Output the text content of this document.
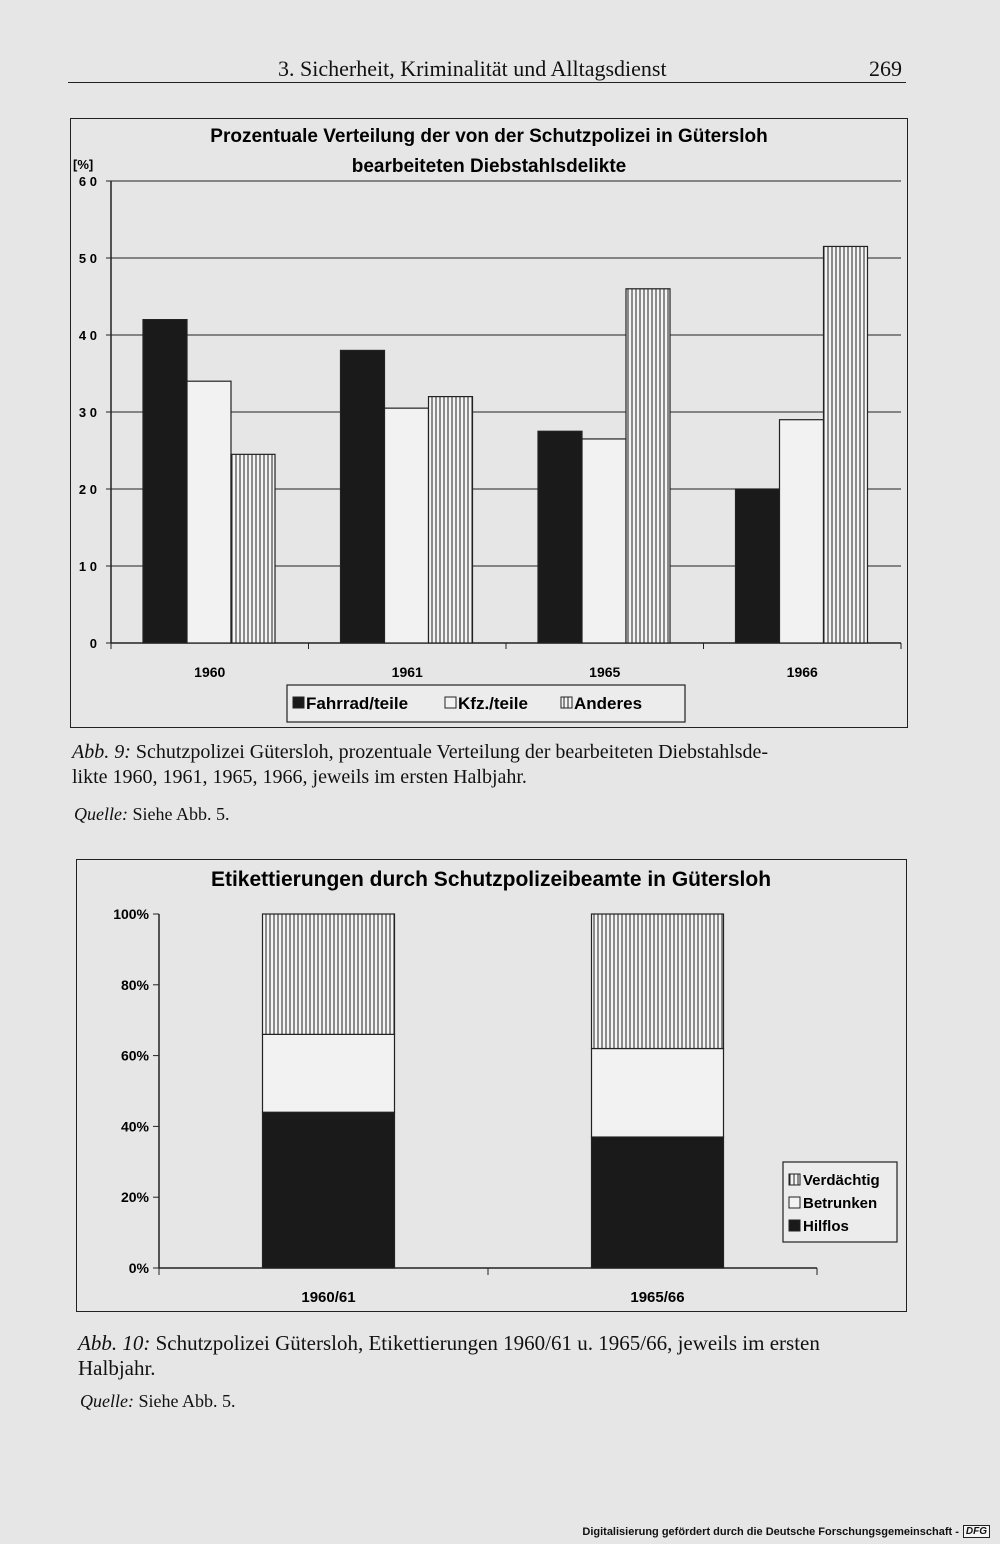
3. Sicherheit, Kriminalität und Alltagsdienst	269
Prozentuale Verteilung der von der Schutzpolizei in Gütersloh
bearbeiteten Diebstahlsdelikte
[%]
0
1 0
2 0
3 0
4 0
5 0
6 0
1960	1961	1965	1966
Fahrrad/teile	Kfz./teile	Anderes
Abb. 9: Schutzpolizei Gütersloh, prozentuale Verteilung der bearbeiteten Diebstahlsde-
likte 1960, 1961, 1965, 1966, jeweils im ersten Halbjahr.
Quelle: Siehe Abb. 5.
Etikettierungen durch Schutzpolizeibeamte in Gütersloh
0%
20%
40%
60%
80%
100%
1960/61	1965/66
Verdächtig
Betrunken
Hilflos
Abb. 10: Schutzpolizei Gütersloh, Etikettierungen 1960/61 u. 1965/66, jeweils im ersten
Halbjahr.
Quelle: Siehe Abb. 5.
Digitalisierung gefördert durch die Deutsche Forschungsgemeinschaft - DFG
